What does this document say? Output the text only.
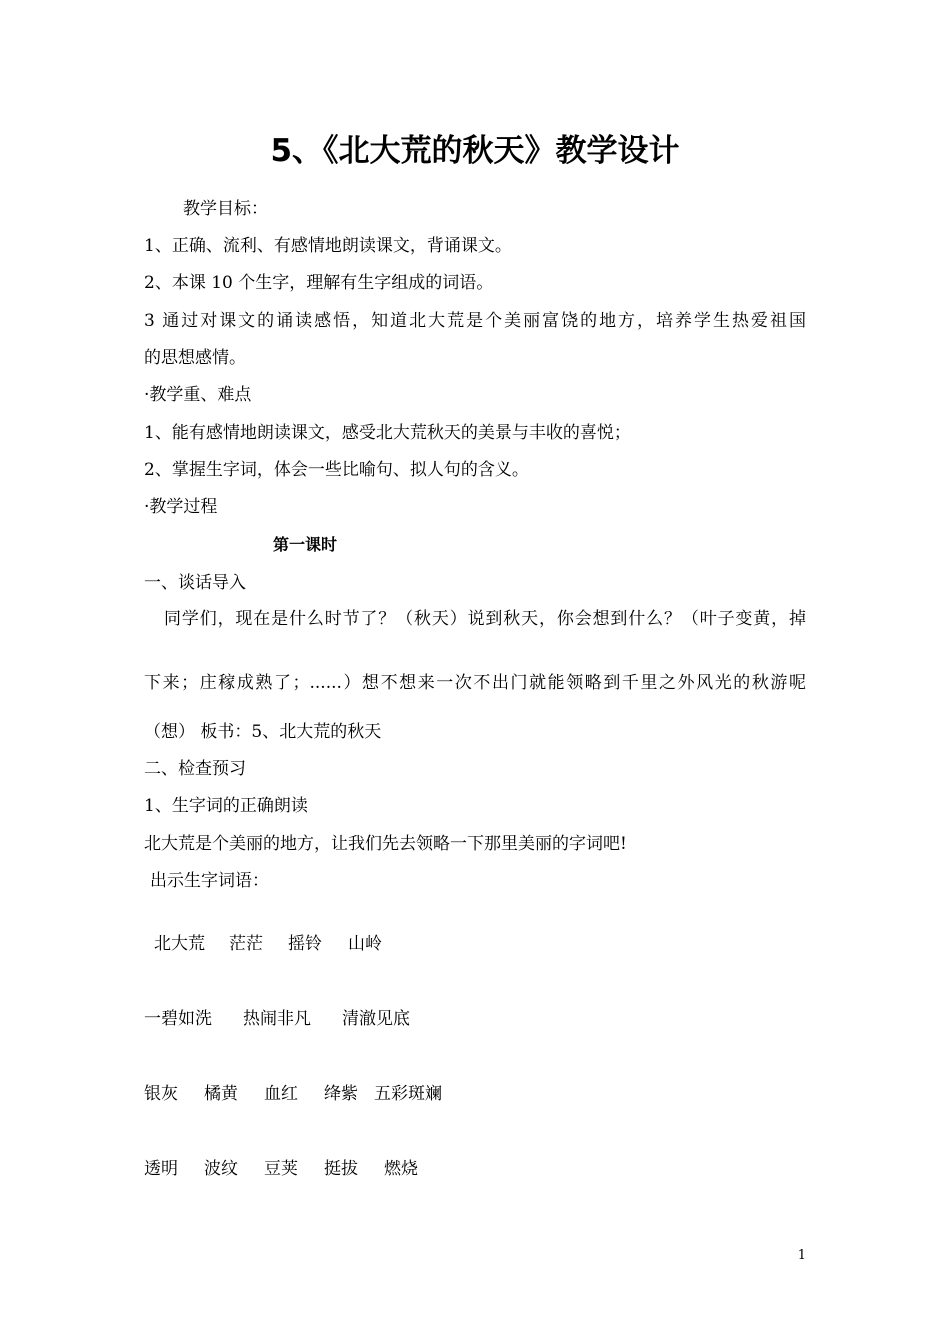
5、《北大荒的秋天》教学设计
教学目标：
1、正确、流利、有感情地朗读课文，背诵课文。
2、本课 10 个生字，理解有生字组成的词语。
3 通过对课文的诵读感悟，知道北大荒是个美丽富饶的地方，培养学生热爱祖国
的思想感情。
·教学重、难点
1、能有感情地朗读课文，感受北大荒秋天的美景与丰收的喜悦；
2、掌握生字词，体会一些比喻句、拟人句的含义。
·教学过程
第一课时
一、谈话导入
同学们，现在是什么时节了？（秋天）说到秋天，你会想到什么？（叶子变黄，掉
下来；庄稼成熟了；......）想不想来一次不出门就能领略到千里之外风光的秋游呢
（想） 板书：5、北大荒的秋天
二、检查预习
1、生字词的正确朗读
北大荒是个美丽的地方，让我们先去领略一下那里美丽的字词吧!
出示生字词语：
北大荒 茫茫 摇铃 山岭
一碧如洗 热闹非凡 清澈见底
银灰 橘黄 血红 绛紫 五彩斑斓
透明 波纹 豆荚 挺拔 燃烧
1
